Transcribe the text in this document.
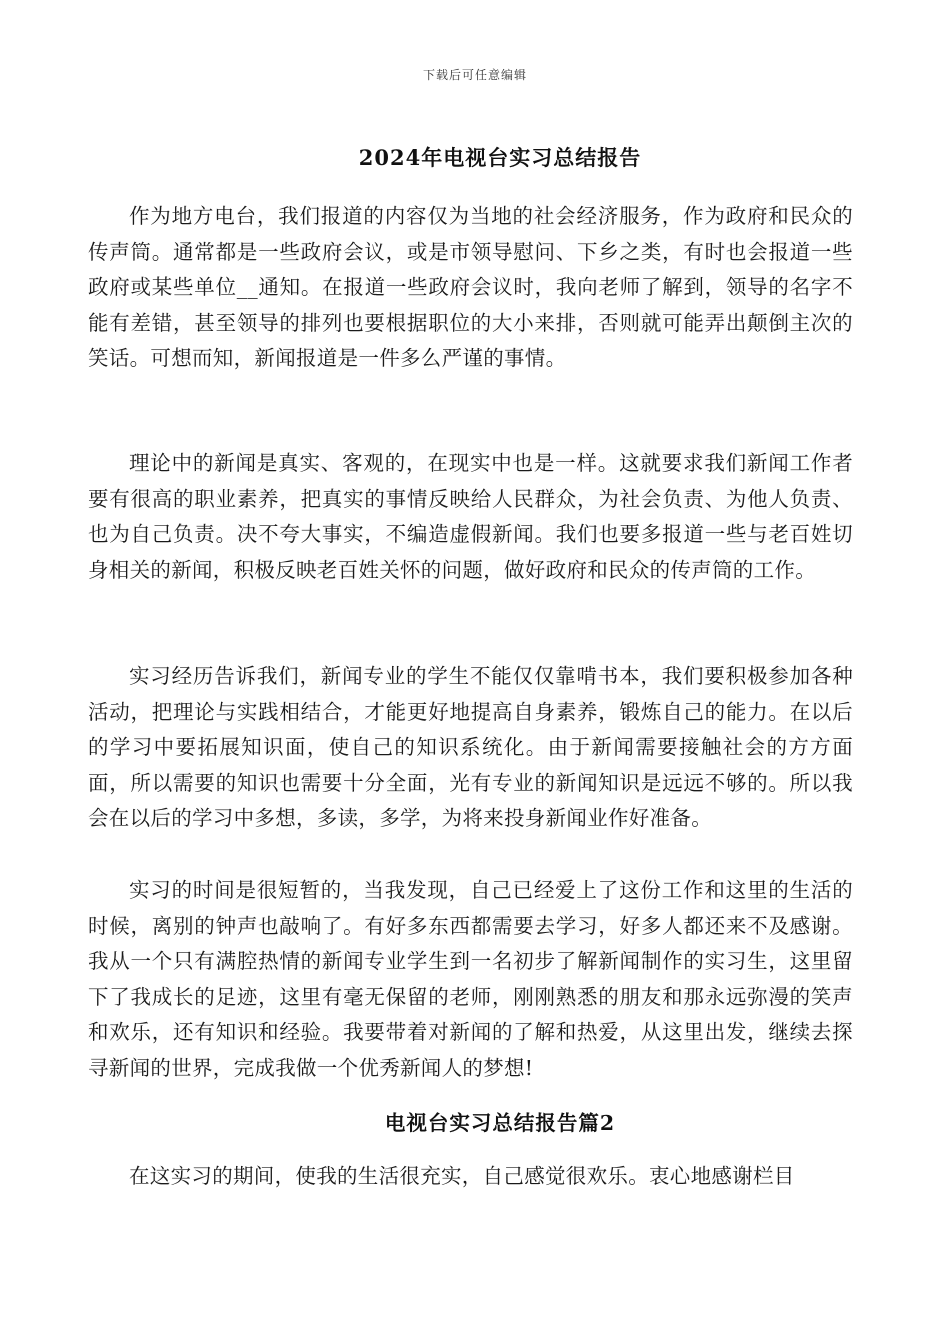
下载后可任意编辑
2024年电视台实习总结报告

作为地方电台，我们报道的内容仅为当地的社会经济服务，作为政府和民众的传声筒。通常都是一些政府会议，或是市领导慰问、下乡之类，有时也会报道一些政府或某些单位__通知。在报道一些政府会议时，我向老师了解到，领导的名字不能有差错，甚至领导的排列也要根据职位的大小来排，否则就可能弄出颠倒主次的笑话。可想而知，新闻报道是一件多么严谨的事情。

理论中的新闻是真实、客观的，在现实中也是一样。这就要求我们新闻工作者要有很高的职业素养，把真实的事情反映给人民群众，为社会负责、为他人负责、也为自己负责。决不夸大事实，不编造虚假新闻。我们也要多报道一些与老百姓切身相关的新闻，积极反映老百姓关怀的问题，做好政府和民众的传声筒的工作。

实习经历告诉我们，新闻专业的学生不能仅仅靠啃书本，我们要积极参加各种活动，把理论与实践相结合，才能更好地提高自身素养，锻炼自己的能力。在以后的学习中要拓展知识面，使自己的知识系统化。由于新闻需要接触社会的方方面面，所以需要的知识也需要十分全面，光有专业的新闻知识是远远不够的。所以我会在以后的学习中多想，多读，多学，为将来投身新闻业作好准备。

实习的时间是很短暂的，当我发现，自己已经爱上了这份工作和这里的生活的时候，离别的钟声也敲响了。有好多东西都需要去学习，好多人都还来不及感谢。我从一个只有满腔热情的新闻专业学生到一名初步了解新闻制作的实习生，这里留下了我成长的足迹，这里有毫无保留的老师，刚刚熟悉的朋友和那永远弥漫的笑声和欢乐，还有知识和经验。我要带着对新闻的了解和热爱，从这里出发，继续去探寻新闻的世界，完成我做一个优秀新闻人的梦想!

电视台实习总结报告篇2

在这实习的期间，使我的生活很充实，自己感觉很欢乐。衷心地感谢栏目
